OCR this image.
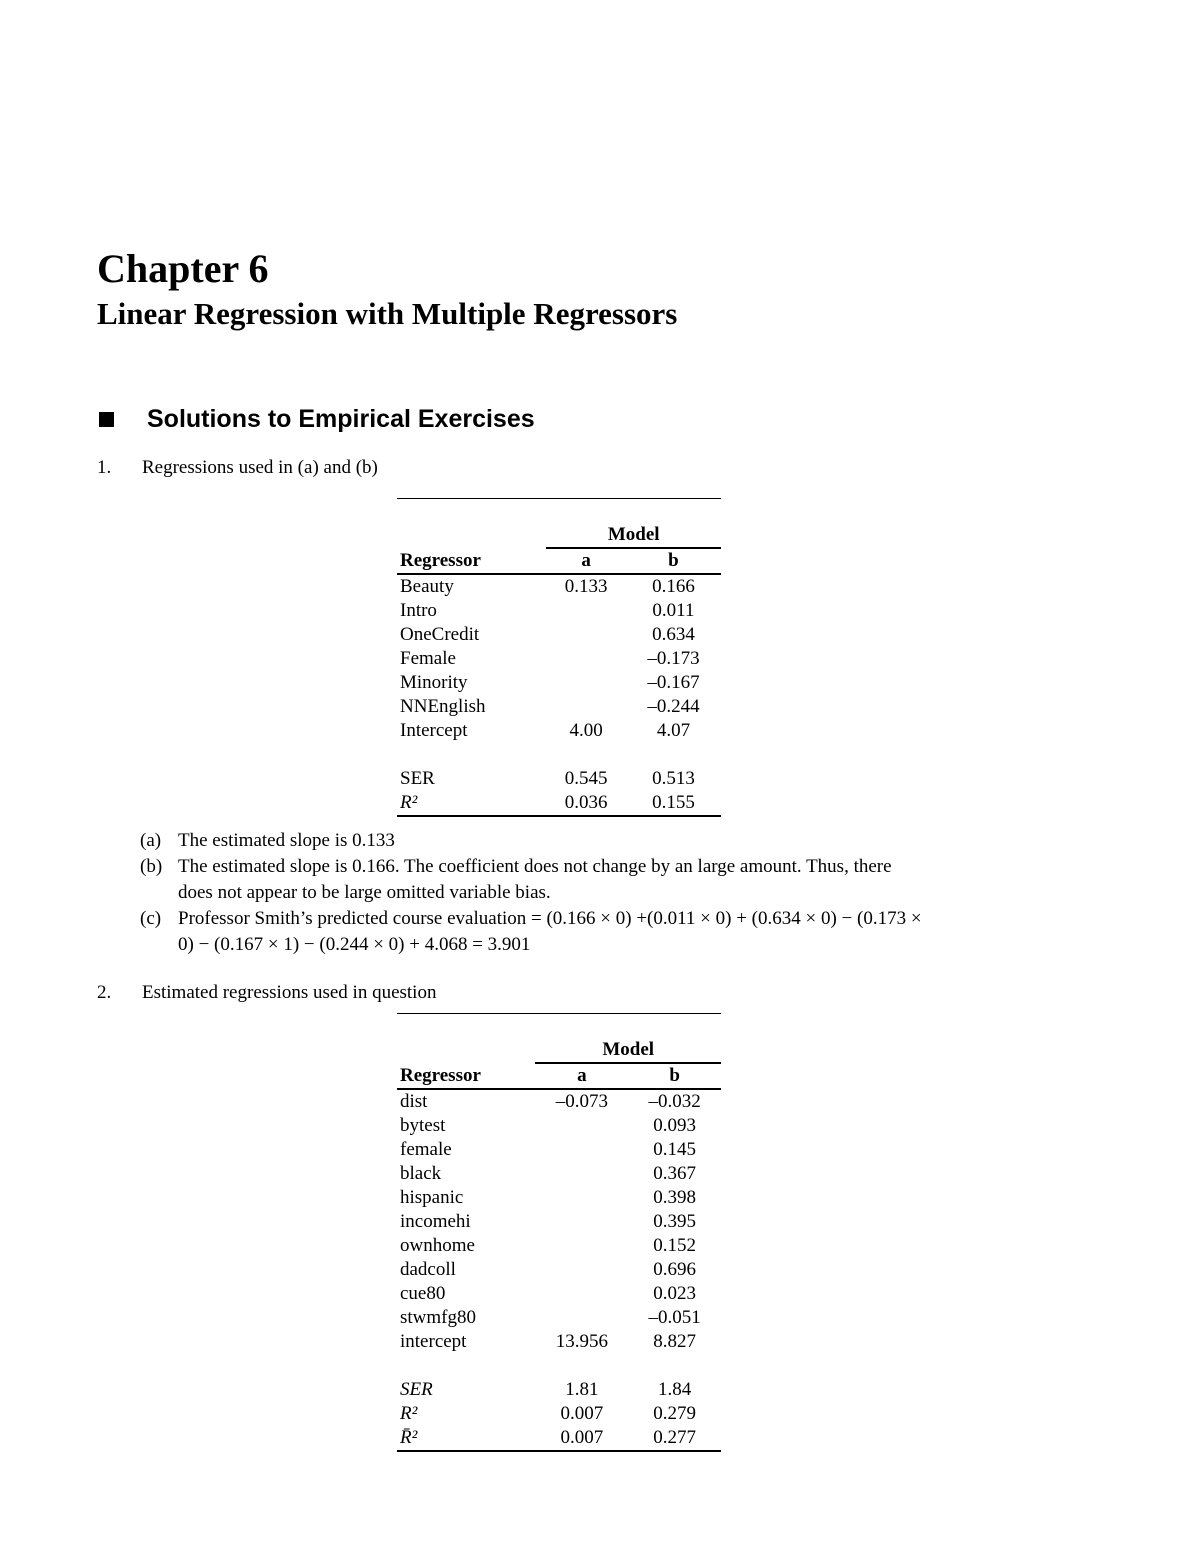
Chapter 6
Linear Regression with Multiple Regressors
Solutions to Empirical Exercises
1. Regressions used in (a) and (b)

	Model	
Regressor	a	b
Beauty	0.133	0.166
Intro		0.011
OneCredit		0.634
Female		–0.173
Minority		–0.167
NNEnglish		–0.244
Intercept	4.00	4.07

SER	0.545	0.513
R²	0.036	0.155
(a) The estimated slope is 0.133
(b) The estimated slope is 0.166. The coefficient does not change by an large amount. Thus, there
does not appear to be large omitted variable bias.
(c) Professor Smith’s predicted course evaluation = (0.166 × 0) +(0.011 × 0) + (0.634 × 0) − (0.173 ×
0) − (0.167 × 1) − (0.244 × 0) + 4.068 = 3.901
2. Estimated regressions used in question

	Model	
Regressor	a	b
dist	–0.073	–0.032
bytest		0.093
female		0.145
black		0.367
hispanic		0.398
incomehi		0.395
ownhome		0.152
dadcoll		0.696
cue80		0.023
stwmfg80		–0.051
intercept	13.956	8.827

SER	1.81	1.84
R²	0.007	0.279
R̄²	0.007	0.277
